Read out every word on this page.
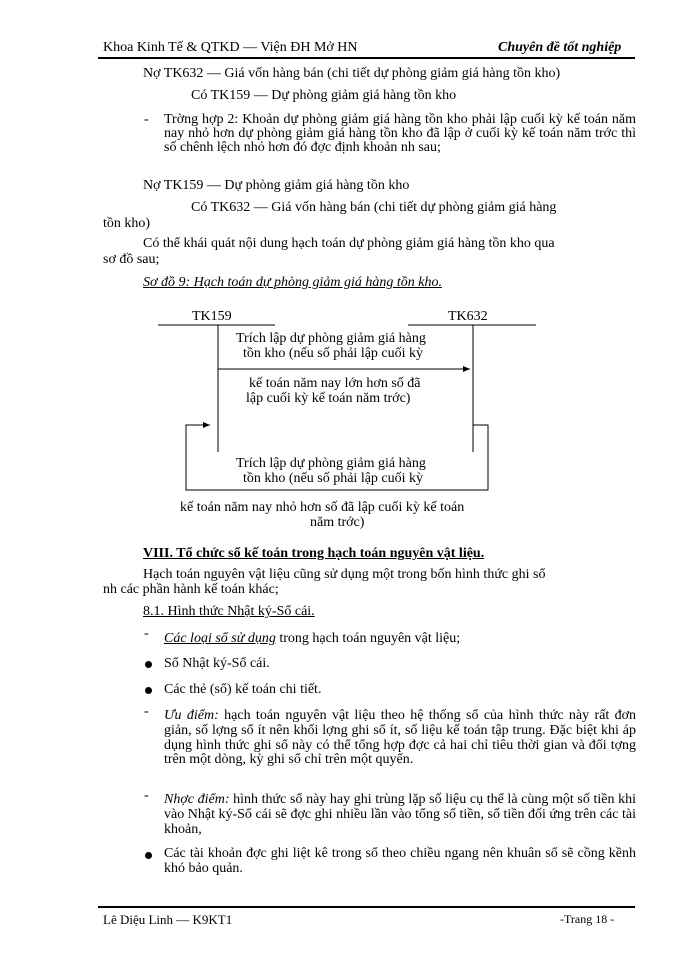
Khoa Kinh Tế & QTKD — Viện ĐH Mở HN	Chuyên đề tốt nghiệp
Nợ TK632 — Giá vốn hàng bán (chi tiết dự phòng giảm giá hàng tồn kho)
Có TK159 — Dự phòng giảm giá hàng tồn kho
- Trờng hợp 2: Khoản dự phòng giảm giá hàng tồn kho phải lập cuối kỳ kế toán năm nay nhỏ hơn dự phòng giảm giá hàng tồn kho đã lập ở cuối kỳ kế toán năm trớc thì số chênh lệch nhỏ hơn đó đợc định khoản nh sau;
Nợ TK159 — Dự phòng giảm giá hàng tồn kho
Có TK632 — Giá vốn hàng bán (chi tiết dự phòng giảm giá hàng
tồn kho)
Có thể khái quát nội dung hạch toán dự phòng giảm giá hàng tồn kho qua
sơ đồ sau;
Sơ đồ 9: Hạch toán dự phòng giảm giá hàng tồn kho.
TK159	TK632
Trích lập dự phòng giảm giá hàng
tồn kho (nếu số phải lập cuối kỳ
kế toán năm nay lớn hơn số đã
lập cuối kỳ kế toán năm trớc)
Trích lập dự phòng giảm giá hàng
tồn kho (nếu số phải lập cuối kỳ
kế toán năm nay nhỏ hơn số đã lập cuối kỳ kế toán
năm trớc)
VIII. Tổ chức sổ kế toán trong hạch toán nguyên vật liệu.
Hạch toán nguyên vật liệu cũng sử dụng một trong bốn hình thức ghi sổ
nh các phần hành kế toán khác;
8.1. Hình thức Nhật ký-Sổ cái.
- Các loại sổ sử dụng trong hạch toán nguyên vật liệu;
Sổ Nhật ký-Sổ cái.
Các thẻ (sổ) kế toán chi tiết.
- Ưu điểm: hạch toán nguyên vật liệu theo hệ thống sổ của hình thức này rất đơn giản, số lợng sổ ít nên khối lợng ghi sổ ít, số liệu kế toán tập trung. Đặc biệt khi áp dụng hình thức ghi sổ này có thể tổng hợp đợc cả hai chỉ tiêu thời gian và đối tợng trên một dòng, kỳ ghi sổ chỉ trên một quyển.
- Nhợc điểm: hình thức sổ này hay ghi trùng lặp số liệu cụ thể là cùng một số tiền khi vào Nhật ký-Sổ cái sẽ đợc ghi nhiều lần vào tổng số tiền, số tiền đối ứng trên các tài khoản,
Các tài khoản đợc ghi liệt kê trong sổ theo chiều ngang nên khuân sổ sẽ cồng kềnh khó bảo quản.
Lê Diệu Linh — K9KT1	-Trang 18 -
